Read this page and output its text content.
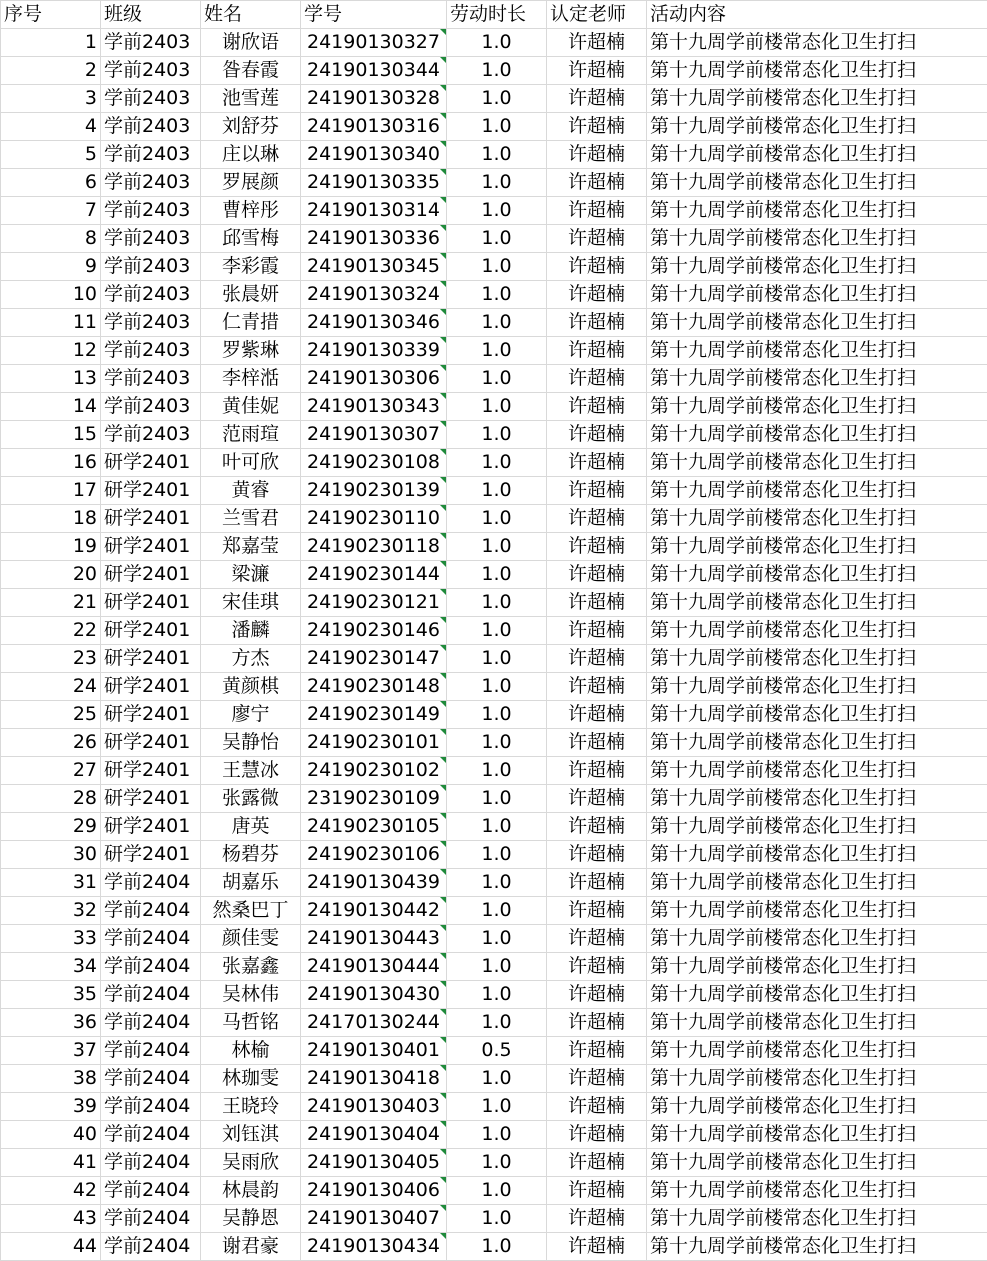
序号	班级	姓名	学号	劳动时长	认定老师	活动内容
1	学前2403	谢欣语	24190130327	1.0	许超楠	第十九周学前楼常态化卫生打扫
2	学前2403	昝春霞	24190130344	1.0	许超楠	第十九周学前楼常态化卫生打扫
3	学前2403	池雪莲	24190130328	1.0	许超楠	第十九周学前楼常态化卫生打扫
4	学前2403	刘舒芬	24190130316	1.0	许超楠	第十九周学前楼常态化卫生打扫
5	学前2403	庄以琳	24190130340	1.0	许超楠	第十九周学前楼常态化卫生打扫
6	学前2403	罗展颜	24190130335	1.0	许超楠	第十九周学前楼常态化卫生打扫
7	学前2403	曹梓彤	24190130314	1.0	许超楠	第十九周学前楼常态化卫生打扫
8	学前2403	邱雪梅	24190130336	1.0	许超楠	第十九周学前楼常态化卫生打扫
9	学前2403	李彩霞	24190130345	1.0	许超楠	第十九周学前楼常态化卫生打扫
10	学前2403	张晨妍	24190130324	1.0	许超楠	第十九周学前楼常态化卫生打扫
11	学前2403	仁青措	24190130346	1.0	许超楠	第十九周学前楼常态化卫生打扫
12	学前2403	罗紫琳	24190130339	1.0	许超楠	第十九周学前楼常态化卫生打扫
13	学前2403	李梓湉	24190130306	1.0	许超楠	第十九周学前楼常态化卫生打扫
14	学前2403	黄佳妮	24190130343	1.0	许超楠	第十九周学前楼常态化卫生打扫
15	学前2403	范雨瑄	24190130307	1.0	许超楠	第十九周学前楼常态化卫生打扫
16	研学2401	叶可欣	24190230108	1.0	许超楠	第十九周学前楼常态化卫生打扫
17	研学2401	黄睿	24190230139	1.0	许超楠	第十九周学前楼常态化卫生打扫
18	研学2401	兰雪君	24190230110	1.0	许超楠	第十九周学前楼常态化卫生打扫
19	研学2401	郑嘉莹	24190230118	1.0	许超楠	第十九周学前楼常态化卫生打扫
20	研学2401	梁濂	24190230144	1.0	许超楠	第十九周学前楼常态化卫生打扫
21	研学2401	宋佳琪	24190230121	1.0	许超楠	第十九周学前楼常态化卫生打扫
22	研学2401	潘麟	24190230146	1.0	许超楠	第十九周学前楼常态化卫生打扫
23	研学2401	方杰	24190230147	1.0	许超楠	第十九周学前楼常态化卫生打扫
24	研学2401	黄颜棋	24190230148	1.0	许超楠	第十九周学前楼常态化卫生打扫
25	研学2401	廖宁	24190230149	1.0	许超楠	第十九周学前楼常态化卫生打扫
26	研学2401	吴静怡	24190230101	1.0	许超楠	第十九周学前楼常态化卫生打扫
27	研学2401	王慧冰	24190230102	1.0	许超楠	第十九周学前楼常态化卫生打扫
28	研学2401	张露微	23190230109	1.0	许超楠	第十九周学前楼常态化卫生打扫
29	研学2401	唐英	24190230105	1.0	许超楠	第十九周学前楼常态化卫生打扫
30	研学2401	杨碧芬	24190230106	1.0	许超楠	第十九周学前楼常态化卫生打扫
31	学前2404	胡嘉乐	24190130439	1.0	许超楠	第十九周学前楼常态化卫生打扫
32	学前2404	然桑巴丁	24190130442	1.0	许超楠	第十九周学前楼常态化卫生打扫
33	学前2404	颜佳雯	24190130443	1.0	许超楠	第十九周学前楼常态化卫生打扫
34	学前2404	张嘉鑫	24190130444	1.0	许超楠	第十九周学前楼常态化卫生打扫
35	学前2404	吴林伟	24190130430	1.0	许超楠	第十九周学前楼常态化卫生打扫
36	学前2404	马哲铭	24170130244	1.0	许超楠	第十九周学前楼常态化卫生打扫
37	学前2404	林榆	24190130401	0.5	许超楠	第十九周学前楼常态化卫生打扫
38	学前2404	林珈雯	24190130418	1.0	许超楠	第十九周学前楼常态化卫生打扫
39	学前2404	王晓玲	24190130403	1.0	许超楠	第十九周学前楼常态化卫生打扫
40	学前2404	刘钰淇	24190130404	1.0	许超楠	第十九周学前楼常态化卫生打扫
41	学前2404	吴雨欣	24190130405	1.0	许超楠	第十九周学前楼常态化卫生打扫
42	学前2404	林晨韵	24190130406	1.0	许超楠	第十九周学前楼常态化卫生打扫
43	学前2404	吴静恩	24190130407	1.0	许超楠	第十九周学前楼常态化卫生打扫
44	学前2404	谢君豪	24190130434	1.0	许超楠	第十九周学前楼常态化卫生打扫
